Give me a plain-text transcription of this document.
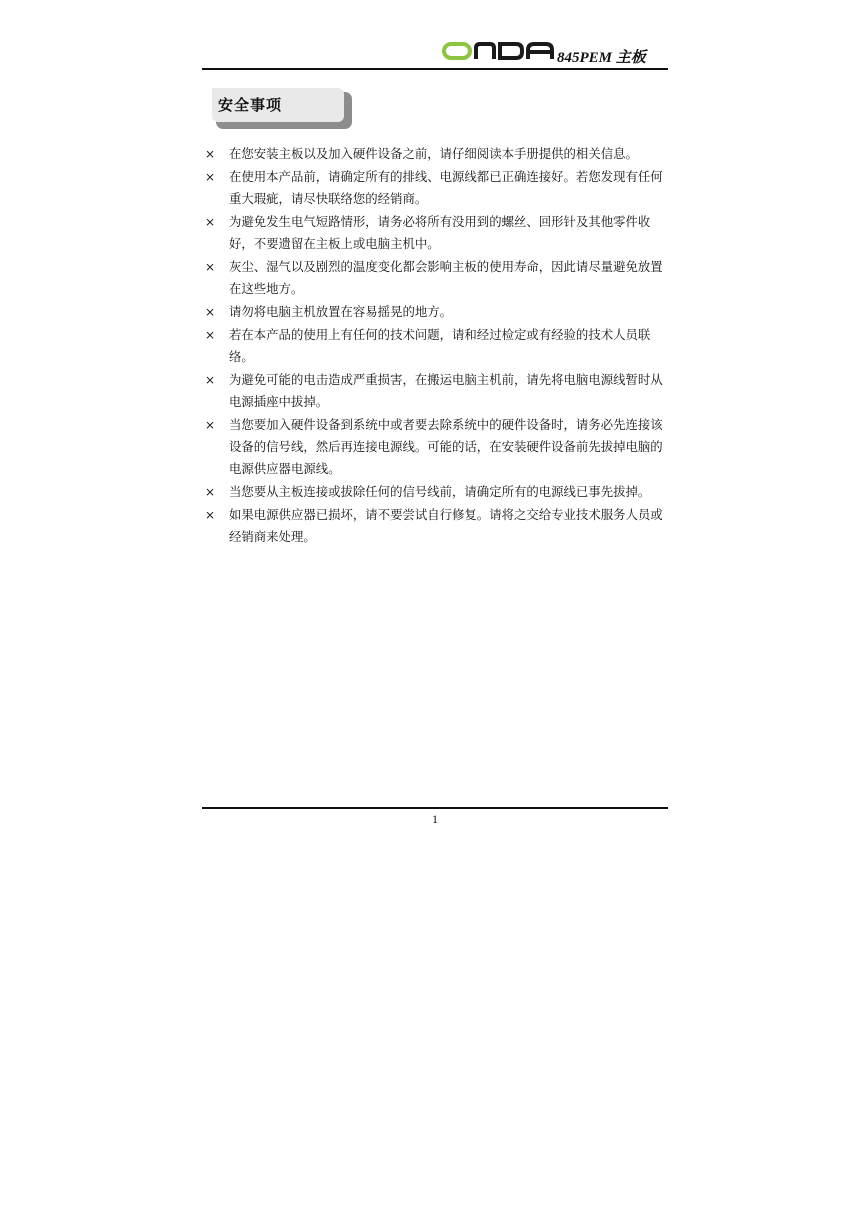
845PEM 主板
安全事项
× 在您安装主板以及加入硬件设备之前，请仔细阅读本手册提供的相关信息。
× 在使用本产品前，请确定所有的排线、电源线都已正确连接好。若您发现有任何重大瑕疵，请尽快联络您的经销商。
× 为避免发生电气短路情形，请务必将所有没用到的螺丝、回形针及其他零件收好，不要遗留在主板上或电脑主机中。
× 灰尘、湿气以及剧烈的温度变化都会影响主板的使用寿命，因此请尽量避免放置在这些地方。
× 请勿将电脑主机放置在容易摇晃的地方。
× 若在本产品的使用上有任何的技术问题，请和经过检定或有经验的技术人员联络。
× 为避免可能的电击造成严重损害，在搬运电脑主机前，请先将电脑电源线暂时从电源插座中拔掉。
× 当您要加入硬件设备到系统中或者要去除系统中的硬件设备时，请务必先连接该设备的信号线，然后再连接电源线。可能的话，在安装硬件设备前先拔掉电脑的电源供应器电源线。
× 当您要从主板连接或拔除任何的信号线前，请确定所有的电源线已事先拔掉。
× 如果电源供应器已损坏，请不要尝试自行修复。请将之交给专业技术服务人员或经销商来处理。
1
